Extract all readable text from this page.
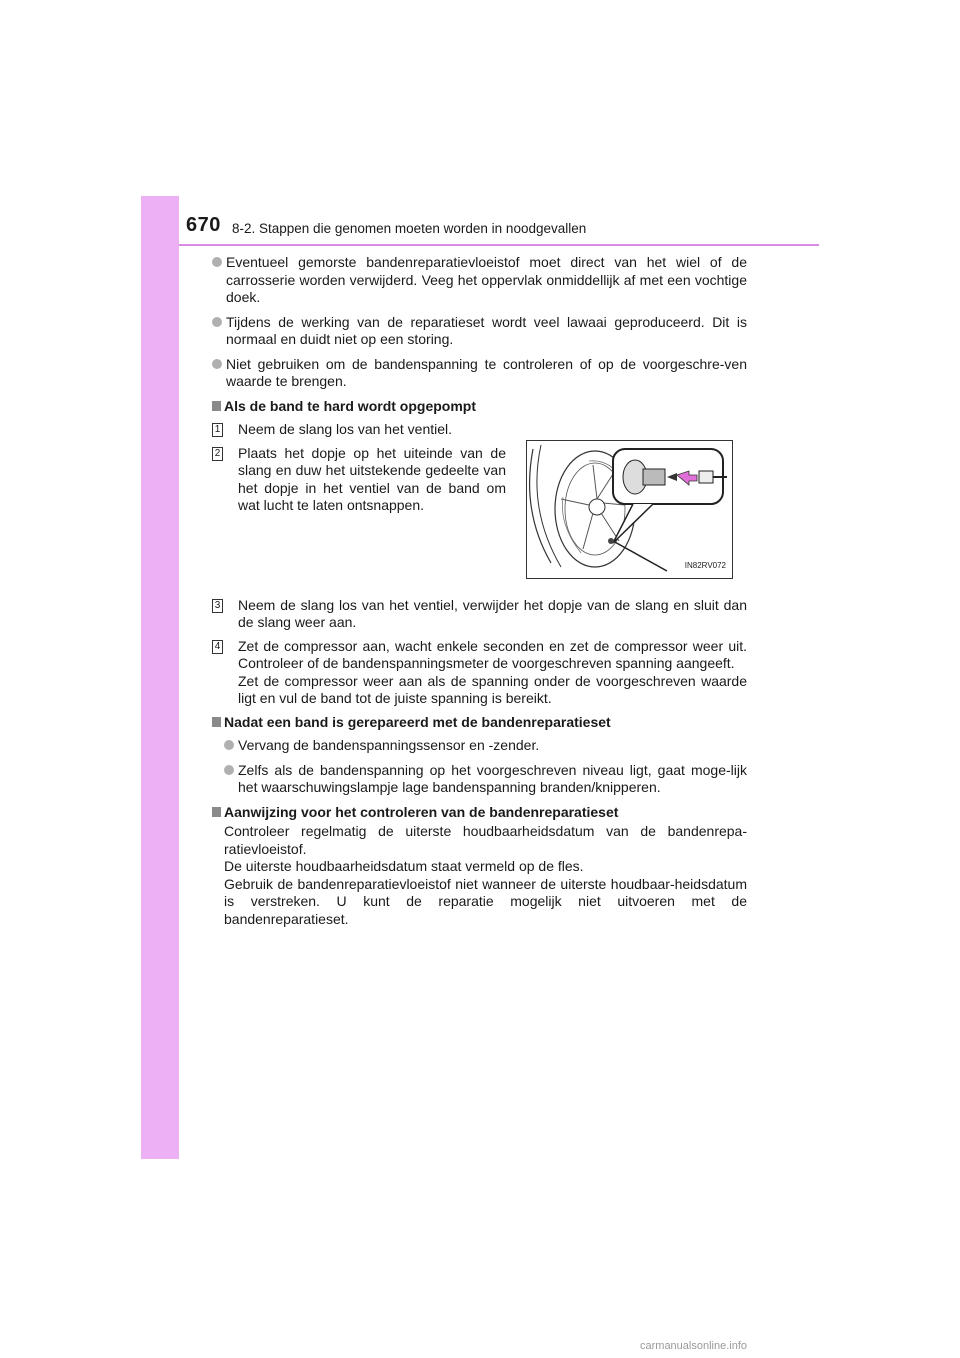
670 8-2. Stappen die genomen moeten worden in noodgevallen
Eventueel gemorste bandenreparatievloeistof moet direct van het wiel of de carrosserie worden verwijderd. Veeg het oppervlak onmiddellijk af met een vochtige doek.
Tijdens de werking van de reparatieset wordt veel lawaai geproduceerd. Dit is normaal en duidt niet op een storing.
Niet gebruiken om de bandenspanning te controleren of op de voorgeschre-ven waarde te brengen.
Als de band te hard wordt opgepompt
1 Neem de slang los van het ventiel.
2 Plaats het dopje op het uiteinde van de slang en duw het uitstekende gedeelte van het dopje in het ventiel van de band om wat lucht te laten ontsnappen.
IN82RV072
3 Neem de slang los van het ventiel, verwijder het dopje van de slang en sluit dan de slang weer aan.
4 Zet de compressor aan, wacht enkele seconden en zet de compressor weer uit. Controleer of de bandenspanningsmeter de voorgeschreven spanning aangeeft.
Zet de compressor weer aan als de spanning onder de voorgeschreven waarde ligt en vul de band tot de juiste spanning is bereikt.
Nadat een band is gerepareerd met de bandenreparatieset
Vervang de bandenspanningssensor en -zender.
Zelfs als de bandenspanning op het voorgeschreven niveau ligt, gaat moge-lijk het waarschuwingslampje lage bandenspanning branden/knipperen.
Aanwijzing voor het controleren van de bandenreparatieset
Controleer regelmatig de uiterste houdbaarheidsdatum van de bandenrepa-ratievloeistof.
De uiterste houdbaarheidsdatum staat vermeld op de fles.
Gebruik de bandenreparatievloeistof niet wanneer de uiterste houdbaar-heidsdatum is verstreken. U kunt de reparatie mogelijk niet uitvoeren met de bandenreparatieset.
carmanualsonline.info
